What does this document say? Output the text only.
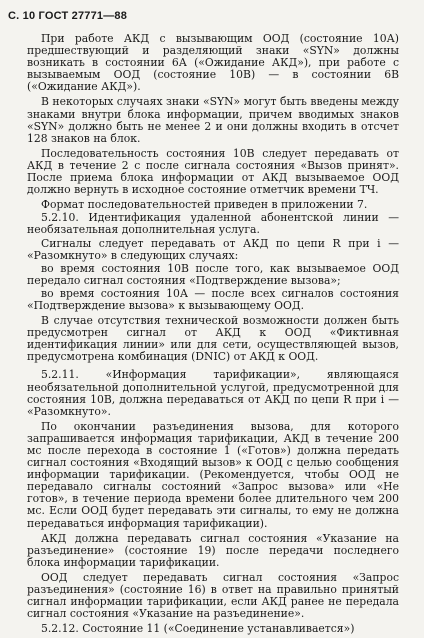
С. 10 ГОСТ 27771—88

При работе АКД с вызывающим ООД (состояние 10А) предшествующий и разделяющий знаки «SYN» должны возникать в состоянии 6А («Ожидание АКД»), при работе с вызываемым ООД (состояние 10В) — в состоянии 6В («Ожидание АКД»).

В некоторых случаях знаки «SYN» могут быть введены между знаками внутри блока информации, причем вводимых знаков «SYN» должно быть не менее 2 и они должны входить в отсчет 128 знаков на блок.

Последовательность состояния 10В следует передавать от АКД в течение 2 с после сигнала состояния «Вызов принят». После приема блока информации от АКД вызываемое ООД должно вернуть в исходное состояние отметчик времени ТЧ.

Формат последовательностей приведен в приложении 7.

5.2.10. Идентификация удаленной абонентской линии — необязательная дополнительная услуга.

Сигналы следует передавать от АКД по цепи R при i — «Разомкнуто» в следующих случаях:

во время состояния 10В после того, как вызываемое ООД передало сигнал состояния «Подтверждение вызова»;

во время состояния 10А — после всех сигналов состояния «Подтверждение вызова» к вызывающему ООД.

В случае отсутствия технической возможности должен быть предусмотрен сигнал от АКД к ООД «Фиктивная идентификация линии» или для сети, осуществляющей вызов, предусмотрена комбинация (DNIC) от АКД к ООД.

5.2.11. «Информация тарификации», являющаяся необязательной дополнительной услугой, предусмотренной для состояния 10В, должна передаваться от АКД по цепи R при i — «Разомкнуто».

По окончании разъединения вызова, для которого запрашивается информация тарификации, АКД в течение 200 мс после перехода в состояние 1 («Готов») должна передать сигнал состояния «Входящий вызов» к ООД с целью сообщения информации тарификации. (Рекомендуется, чтобы ООД не передавало сигналы состояний «Запрос вызова» или «Не готов», в течение периода времени более длительного чем 200 мс. Если ООД будет передавать эти сигналы, то ему не должна передаваться информация тарификации).

АКД должна передавать сигнал состояния «Указание на разъединение» (состояние 19) после передачи последнего блока информации тарификации.

ООД следует передавать сигнал состояния «Запрос разъединения» (состояние 16) в ответ на правильно принятый сигнал информации тарификации, если АКД ранее не передала сигнал состояния «Указание на разъединение».

5.2.12. Состояние 11 («Соединение устанавливается»)
